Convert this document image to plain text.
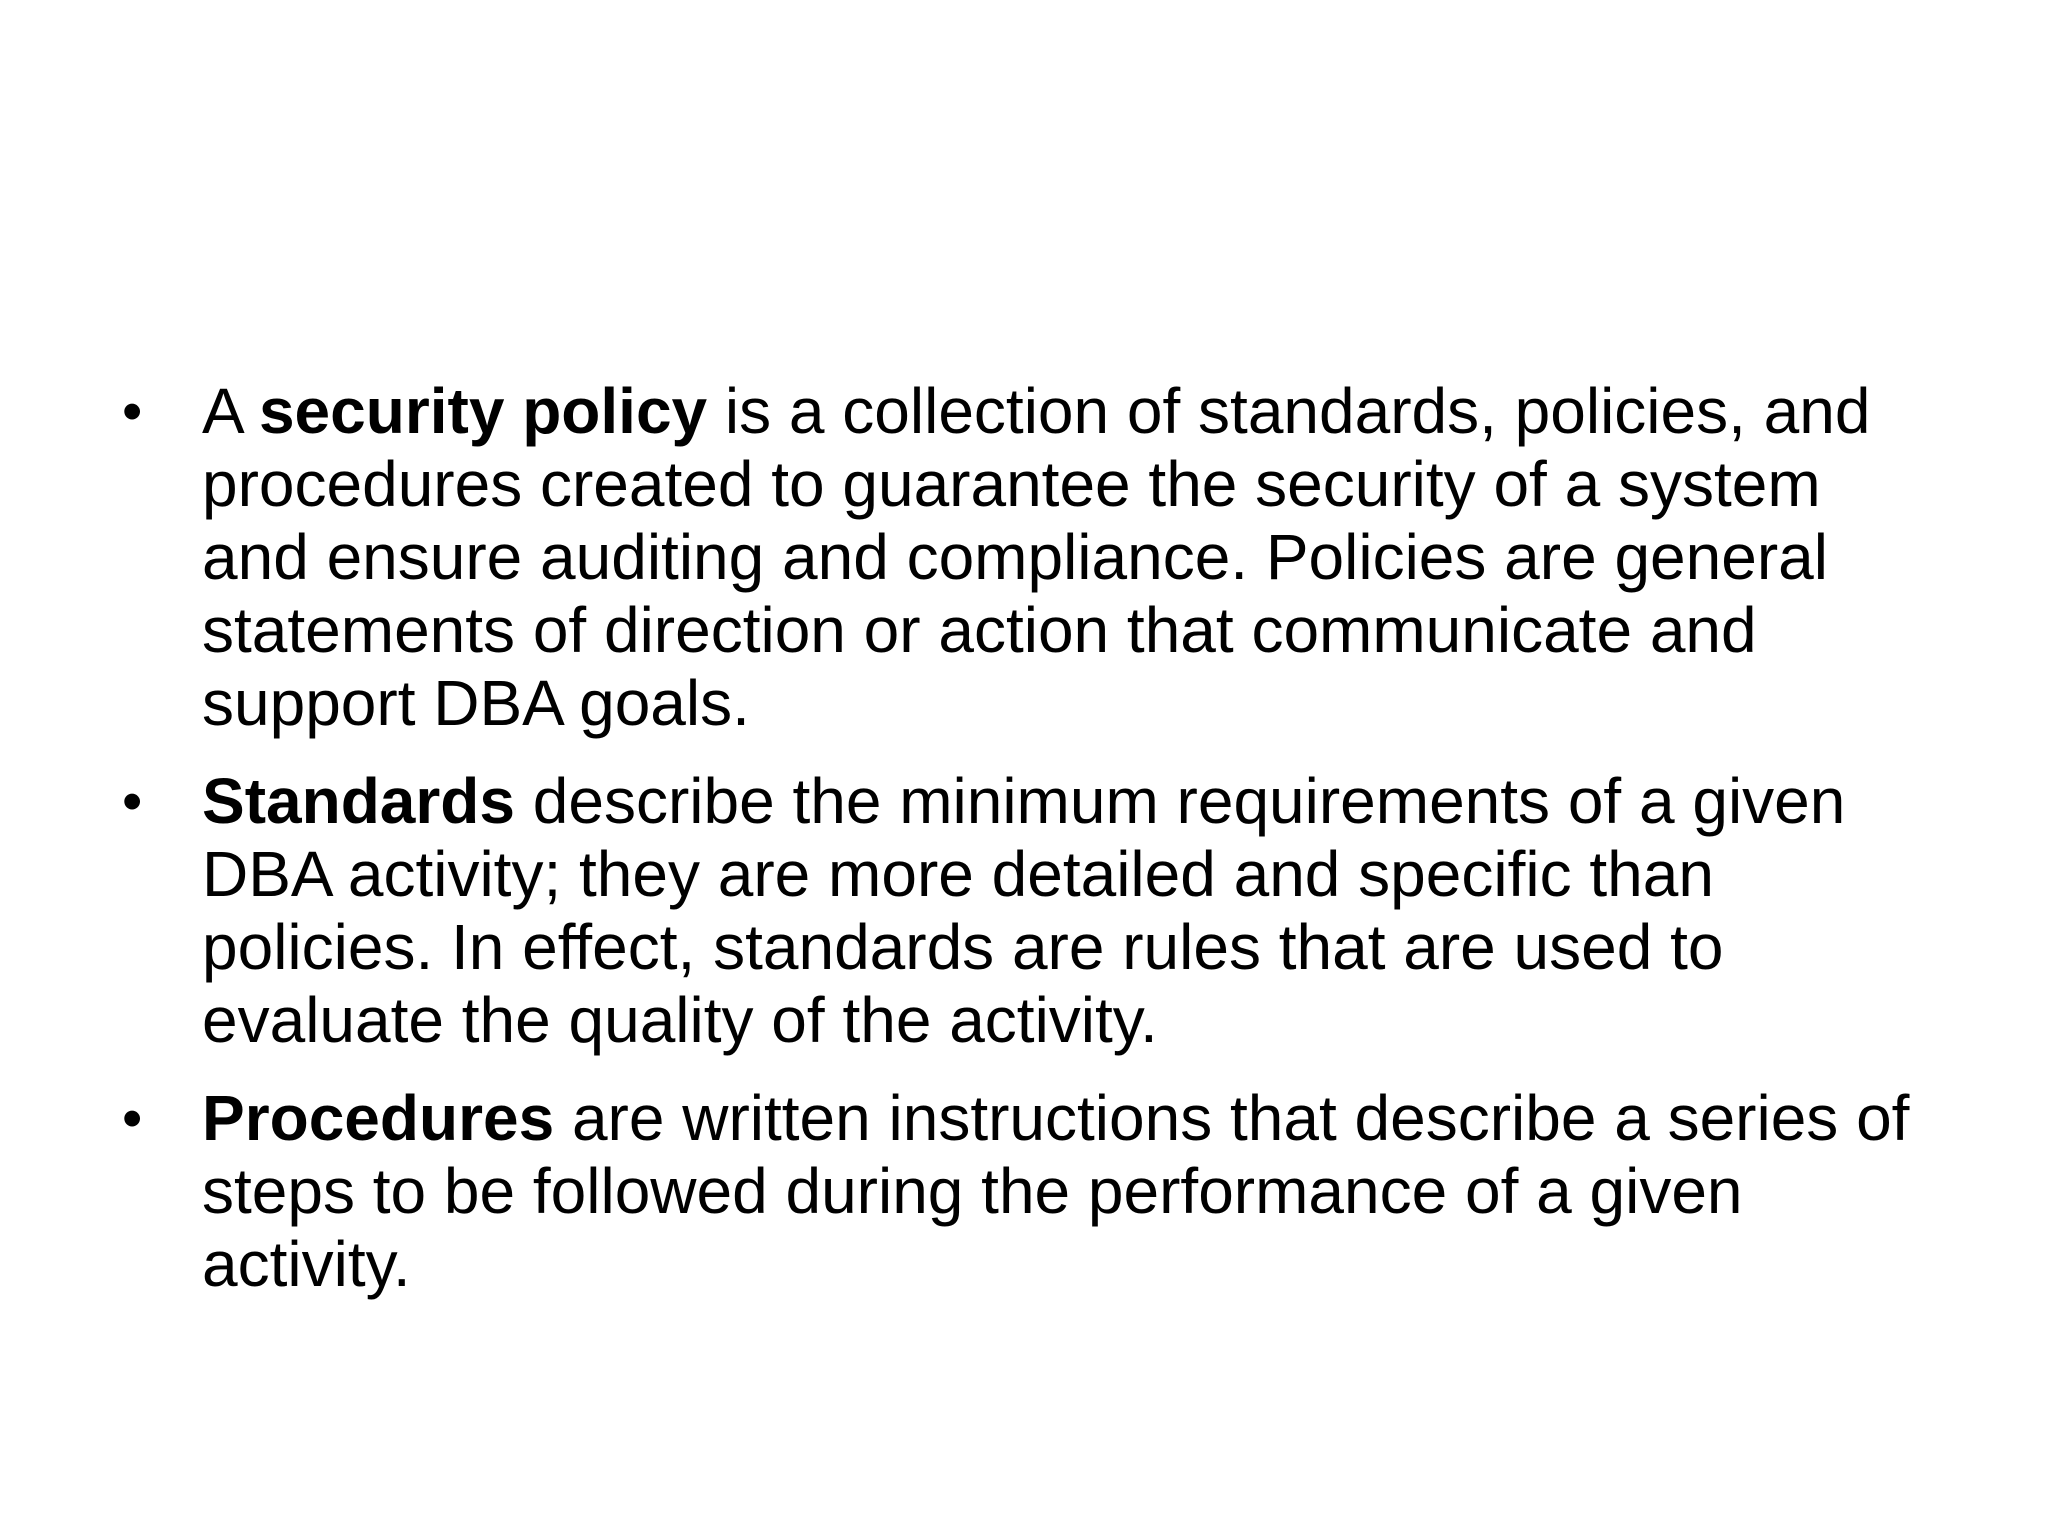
• A security policy is a collection of standards, policies, and procedures created to guarantee the security of a system and ensure auditing and compliance. Policies are general statements of direction or action that communicate and support DBA goals.
• Standards describe the minimum requirements of a given DBA activity; they are more detailed and specific than policies. In effect, standards are rules that are used to evaluate the quality of the activity.
• Procedures are written instructions that describe a series of steps to be followed during the performance of a given activity.
